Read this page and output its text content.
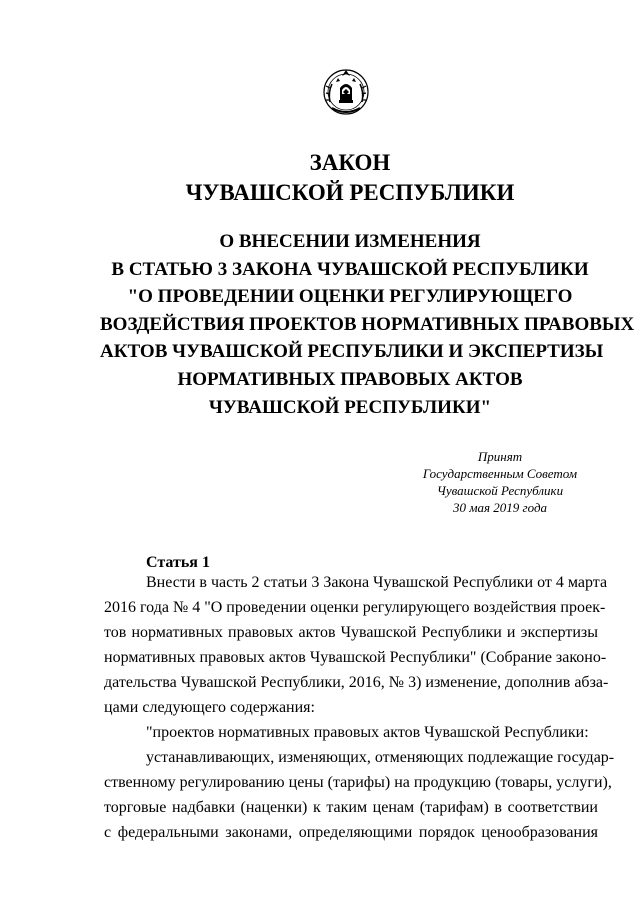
ЗАКОН
ЧУВАШСКОЙ РЕСПУБЛИКИ
О ВНЕСЕНИИ ИЗМЕНЕНИЯ
В СТАТЬЮ 3 ЗАКОНА ЧУВАШСКОЙ РЕСПУБЛИКИ
"О ПРОВЕДЕНИИ ОЦЕНКИ РЕГУЛИРУЮЩЕГО
ВОЗДЕЙСТВИЯ ПРОЕКТОВ НОРМАТИВНЫХ ПРАВОВЫХ
АКТОВ ЧУВАШСКОЙ РЕСПУБЛИКИ И ЭКСПЕРТИЗЫ
НОРМАТИВНЫХ ПРАВОВЫХ АКТОВ
ЧУВАШСКОЙ РЕСПУБЛИКИ"
Принят
Государственным Советом
Чувашской Республики
30 мая 2019 года
Статья 1
Внести в часть 2 статьи 3 Закона Чувашской Республики от 4 марта
2016 года № 4 "О проведении оценки регулирующего воздействия проек-
тов нормативных правовых актов Чувашской Республики и экспертизы
нормативных правовых актов Чувашской Республики" (Собрание законо-
дательства Чувашской Республики, 2016, № 3) изменение, дополнив абза-
цами следующего содержания:
"проектов нормативных правовых актов Чувашской Республики:
устанавливающих, изменяющих, отменяющих подлежащие государ-
ственному регулированию цены (тарифы) на продукцию (товары, услуги),
торговые надбавки (наценки) к таким ценам (тарифам) в соответствии
с федеральными законами, определяющими порядок ценообразования
